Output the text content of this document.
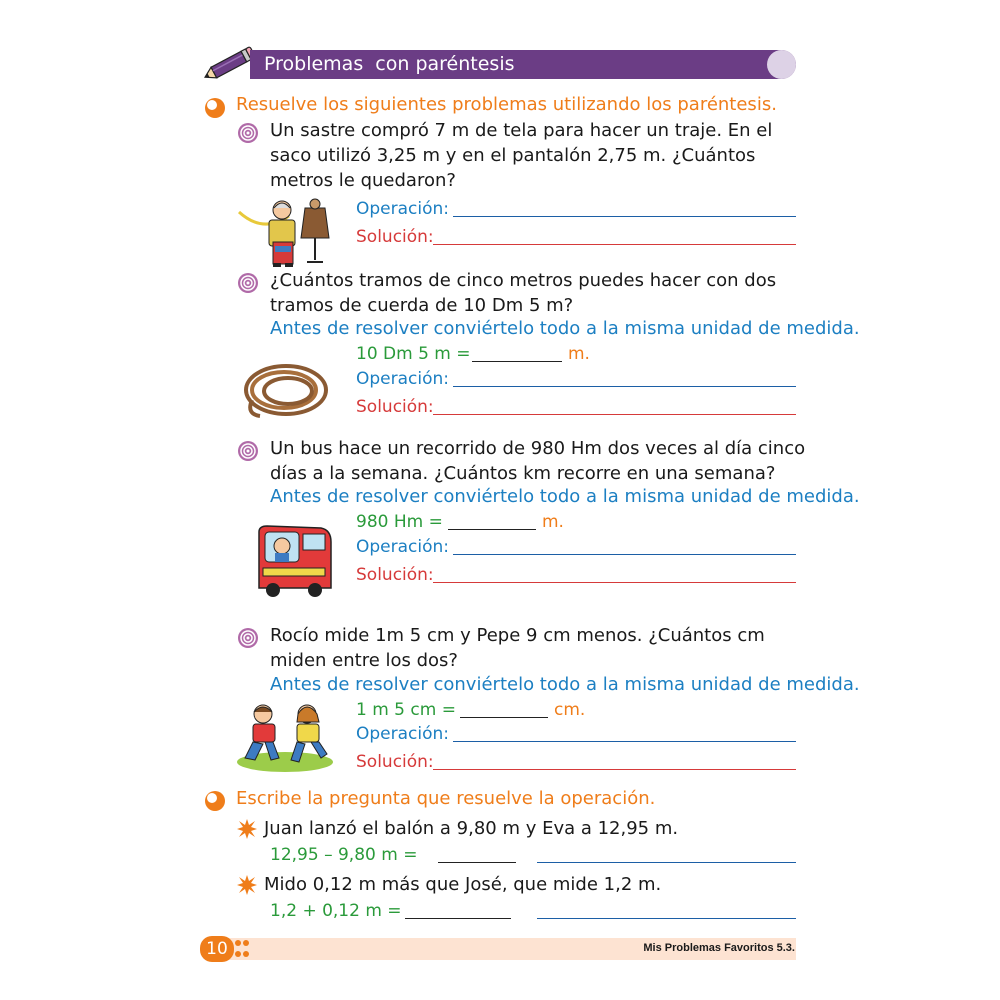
Problemas  con paréntesis
Resuelve los siguientes problemas utilizando los paréntesis.
Un sastre compró 7 m de tela para hacer un traje. En el saco utilizó 3,25 m y en el pantalón 2,75 m. ¿Cuántos metros le quedaron?
Operación:
Solución:
¿Cuántos tramos de cinco metros puedes hacer con dos tramos de cuerda de 10 Dm 5 m?
Antes de resolver conviértelo todo a la misma unidad de medida.
10 Dm 5 m =	m.
Operación:
Solución:
Un bus hace un recorrido de 980 Hm dos veces al día cinco días a la semana. ¿Cuántos km recorre en una semana?
Antes de resolver conviértelo todo a la misma unidad de medida.
980 Hm =	m.
Operación:
Solución:
Rocío mide 1m 5 cm y Pepe 9 cm menos. ¿Cuántos cm miden entre los dos?
Antes de resolver conviértelo todo a la misma unidad de medida.
1 m 5 cm =	cm.
Operación:
Solución:
Escribe la pregunta que resuelve la operación.
Juan lanzó el balón a 9,80 m y Eva a 12,95 m.
12,95 – 9,80 m =
Mido 0,12 m más que José, que mide 1,2 m.
1,2 + 0,12 m =
10	Mis Problemas Favoritos 5.3.
